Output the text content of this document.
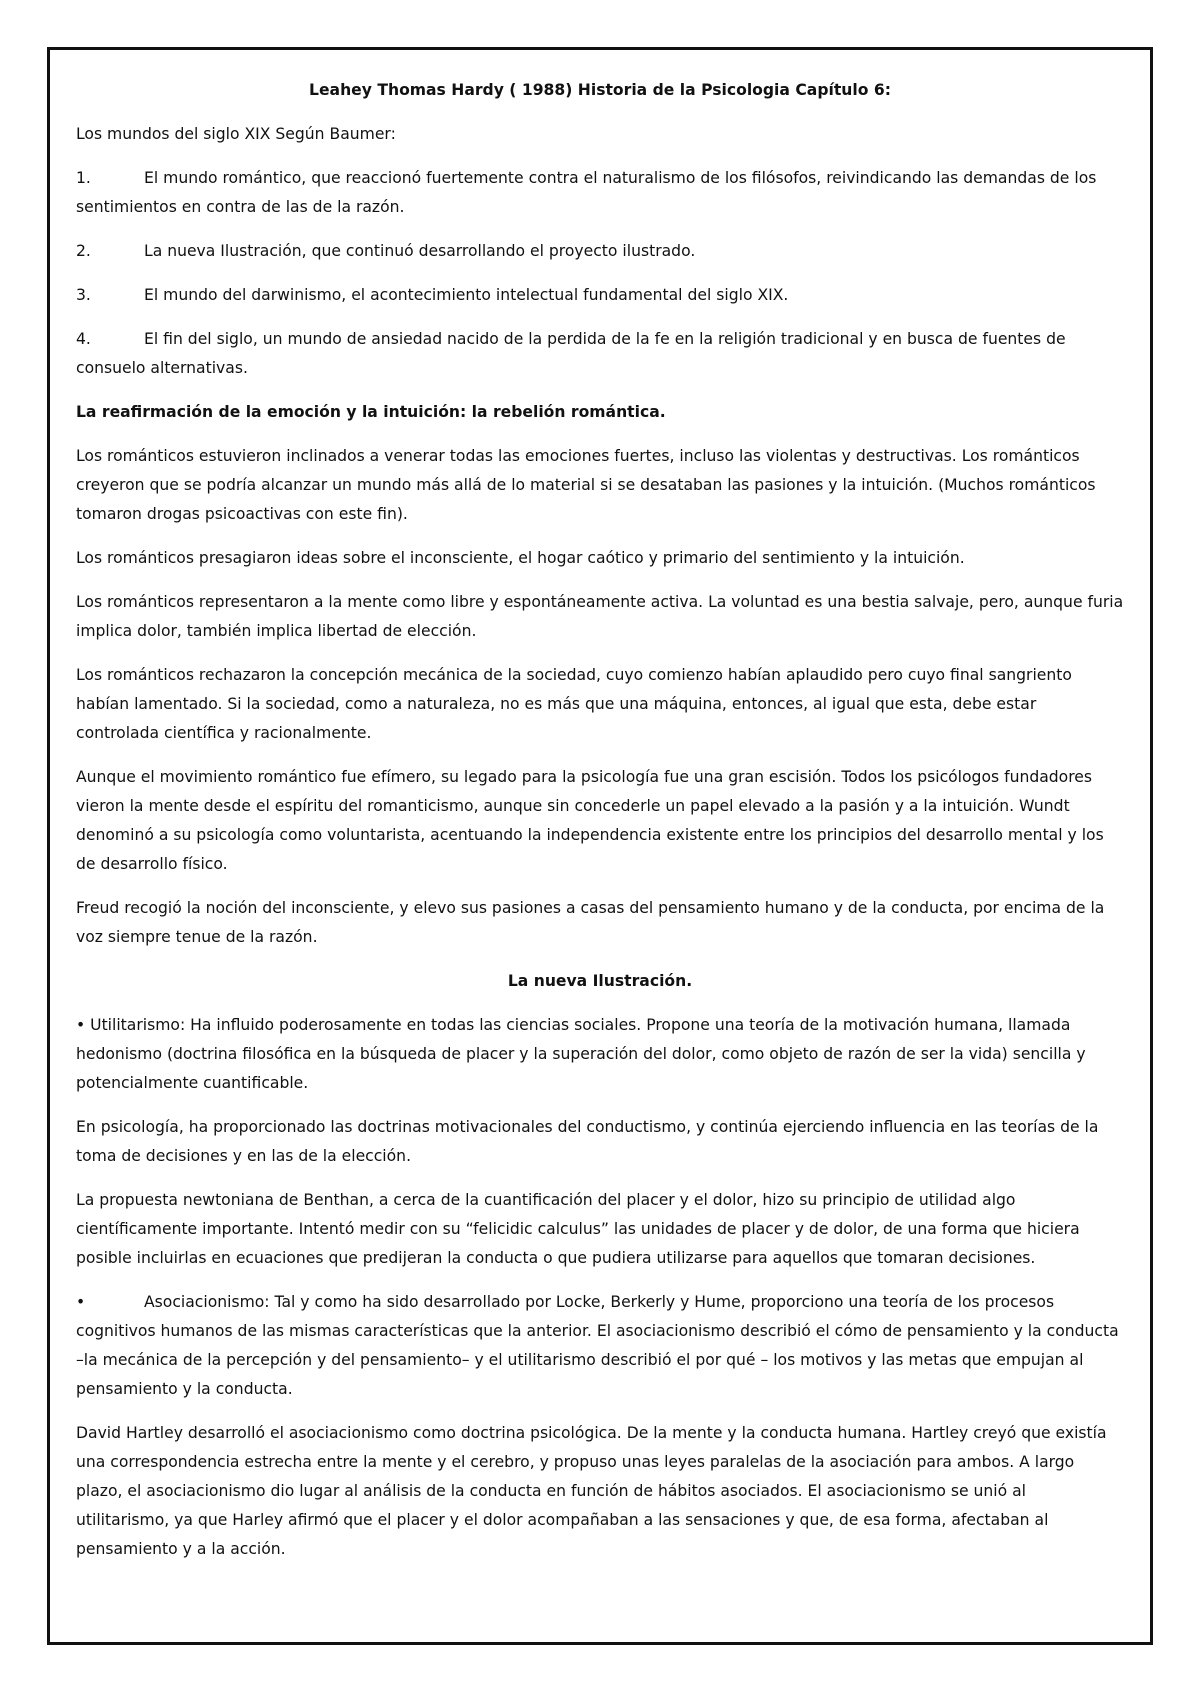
Leahey Thomas Hardy ( 1988) Historia de la Psicologia Capítulo 6:

Los mundos del siglo XIX Según Baumer:

1.	El mundo romántico, que reaccionó fuertemente contra el naturalismo de los filósofos, reivindicando las demandas de los sentimientos en contra de las de la razón.

2.	La nueva Ilustración, que continuó desarrollando el proyecto ilustrado.

3.	El mundo del darwinismo, el acontecimiento intelectual fundamental del siglo XIX.

4.	El fin del siglo, un mundo de ansiedad nacido de la perdida de la fe en la religión tradicional y en busca de fuentes de consuelo alternativas.

La reafirmación de la emoción y la intuición: la rebelión romántica.

Los románticos estuvieron inclinados a venerar todas las emociones fuertes, incluso las violentas y destructivas. Los románticos creyeron que se podría alcanzar un mundo más allá de lo material si se desataban las pasiones y la intuición. (Muchos románticos tomaron drogas psicoactivas con este fin).

Los románticos presagiaron ideas sobre el inconsciente, el hogar caótico y primario del sentimiento y la intuición.

Los románticos representaron a la mente como libre y espontáneamente activa. La voluntad es una bestia salvaje, pero, aunque furia implica dolor, también implica libertad de elección.

Los románticos rechazaron la concepción mecánica de la sociedad, cuyo comienzo habían aplaudido pero cuyo final sangriento habían lamentado. Si la sociedad, como a naturaleza, no es más que una máquina, entonces, al igual que esta, debe estar controlada científica y racionalmente.

Aunque el movimiento romántico fue efímero, su legado para la psicología fue una gran escisión. Todos los psicólogos fundadores vieron la mente desde el espíritu del romanticismo, aunque sin concederle un papel elevado a la pasión y a la intuición. Wundt denominó a su psicología como voluntarista, acentuando la independencia existente entre los principios del desarrollo mental y los de desarrollo físico.

Freud recogió la noción del inconsciente, y elevo sus pasiones a casas del pensamiento humano y de la conducta, por encima de la voz siempre tenue de la razón.

La nueva Ilustración.

• Utilitarismo: Ha influido poderosamente en todas las ciencias sociales. Propone una teoría de la motivación humana, llamada hedonismo (doctrina filosófica en la búsqueda de placer y la superación del dolor, como objeto de razón de ser la vida) sencilla y potencialmente cuantificable.

En psicología, ha proporcionado las doctrinas motivacionales del conductismo, y continúa ejerciendo influencia en las teorías de la toma de decisiones y en las de la elección.

La propuesta newtoniana de Benthan, a cerca de la cuantificación del placer y el dolor, hizo su principio de utilidad algo científicamente importante. Intentó medir con su “felicidic calculus” las unidades de placer y de dolor, de una forma que hiciera posible incluirlas en ecuaciones que predijeran la conducta o que pudiera utilizarse para aquellos que tomaran decisiones.

•	Asociacionismo: Tal y como ha sido desarrollado por Locke, Berkerly y Hume, proporciono una teoría de los procesos cognitivos humanos de las mismas características que la anterior. El asociacionismo describió el cómo de pensamiento y la conducta –la mecánica de la percepción y del pensamiento– y el utilitarismo describió el por qué – los motivos y las metas que empujan al pensamiento y la conducta.

David Hartley desarrolló el asociacionismo como doctrina psicológica. De la mente y la conducta humana. Hartley creyó que existía una correspondencia estrecha entre la mente y el cerebro, y propuso unas leyes paralelas de la asociación para ambos. A largo plazo, el asociacionismo dio lugar al análisis de la conducta en función de hábitos asociados. El asociacionismo se unió al utilitarismo, ya que Harley afirmó que el placer y el dolor acompañaban a las sensaciones y que, de esa forma, afectaban al pensamiento y a la acción.
